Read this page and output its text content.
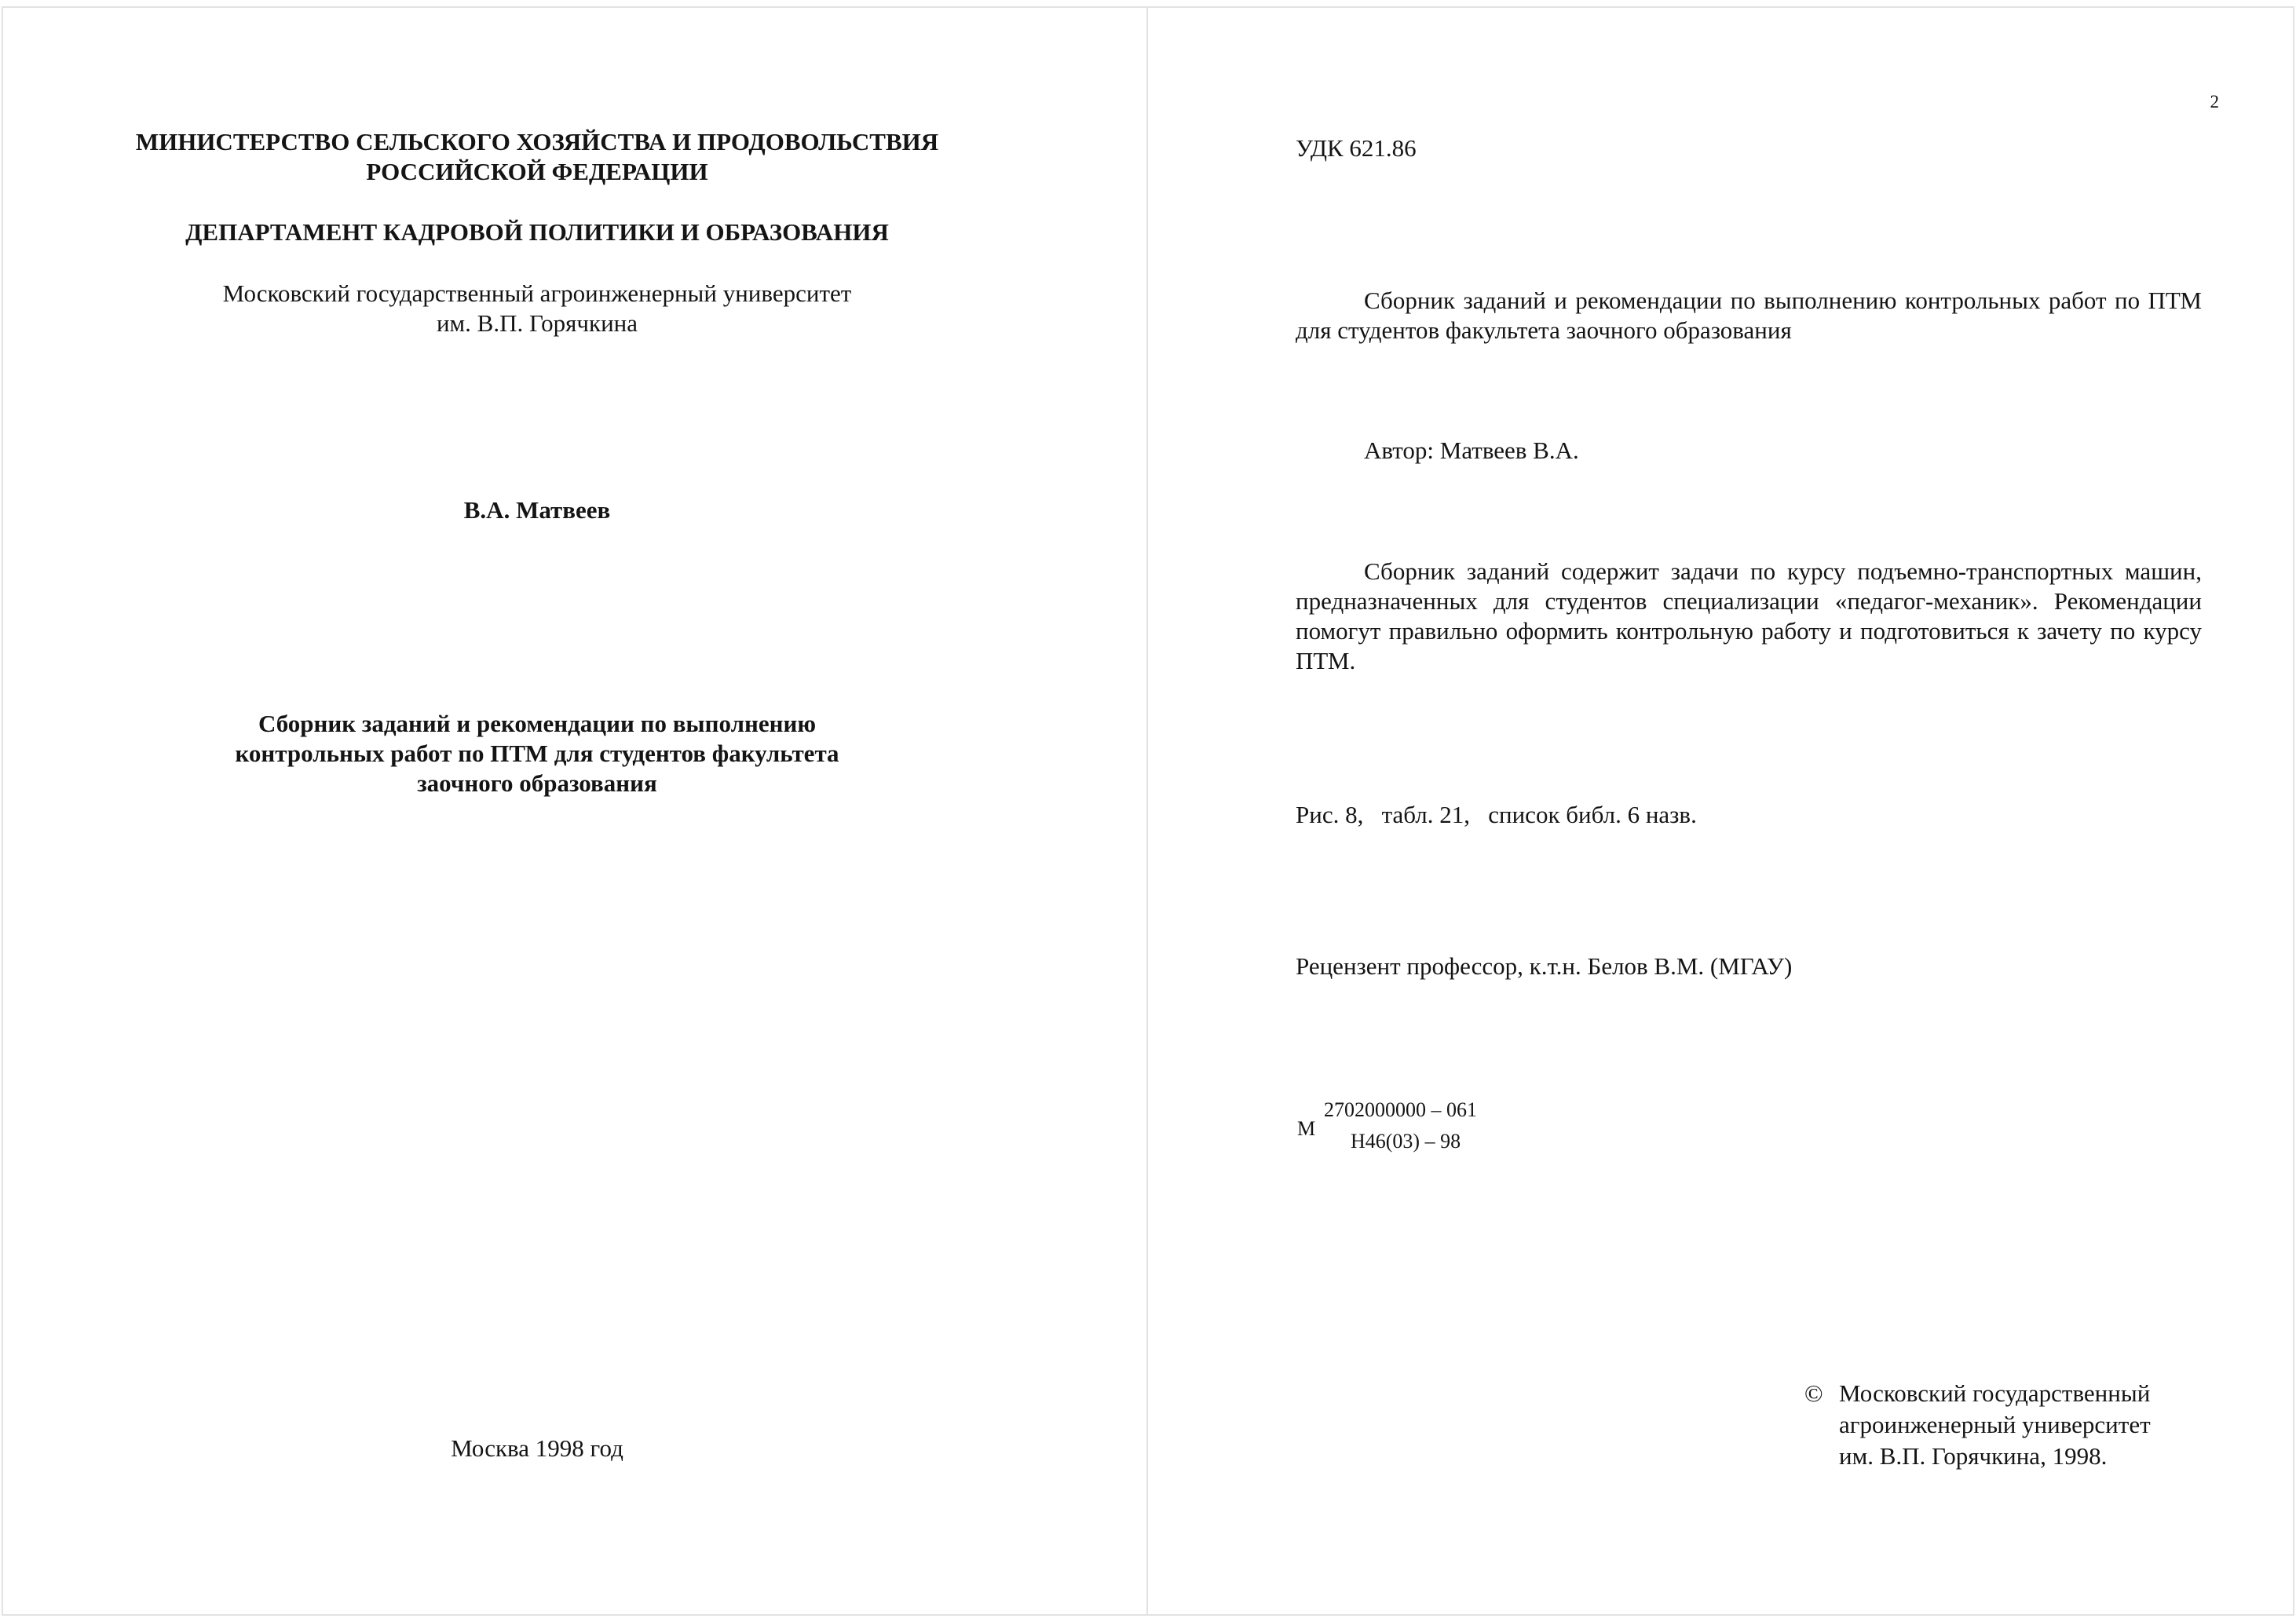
МИНИСТЕРСТВО СЕЛЬСКОГО ХОЗЯЙСТВА И ПРОДОВОЛЬСТВИЯ
РОССИЙСКОЙ ФЕДЕРАЦИИ
ДЕПАРТАМЕНТ КАДРОВОЙ ПОЛИТИКИ И ОБРАЗОВАНИЯ
Московский государственный агроинженерный университет
им. В.П. Горячкина
В.А. Матвеев
Сборник заданий и рекомендации по выполнению
контрольных работ по ПТМ для студентов факультета
заочного образования
Москва 1998 год
2

УДК 621.86

Сборник заданий и рекомендации по выполнению контрольных работ по ПТМ для студентов факультета заочного образования

Автор: Матвеев В.А.

Сборник заданий содержит задачи по курсу подъемно-транспортных машин, предназначенных для студентов специализации «педагог-механик». Рекомендации помогут правильно оформить контрольную работу и подготовиться к зачету по курсу ПТМ.

Рис. 8,   табл. 21,   список библ. 6 назв.

Рецензент профессор, к.т.н. Белов В.М. (МГАУ)

М
2702000000 – 061
Н46(03) – 98
© Московский государственный
агроинженерный университет
им. В.П. Горячкина, 1998.
